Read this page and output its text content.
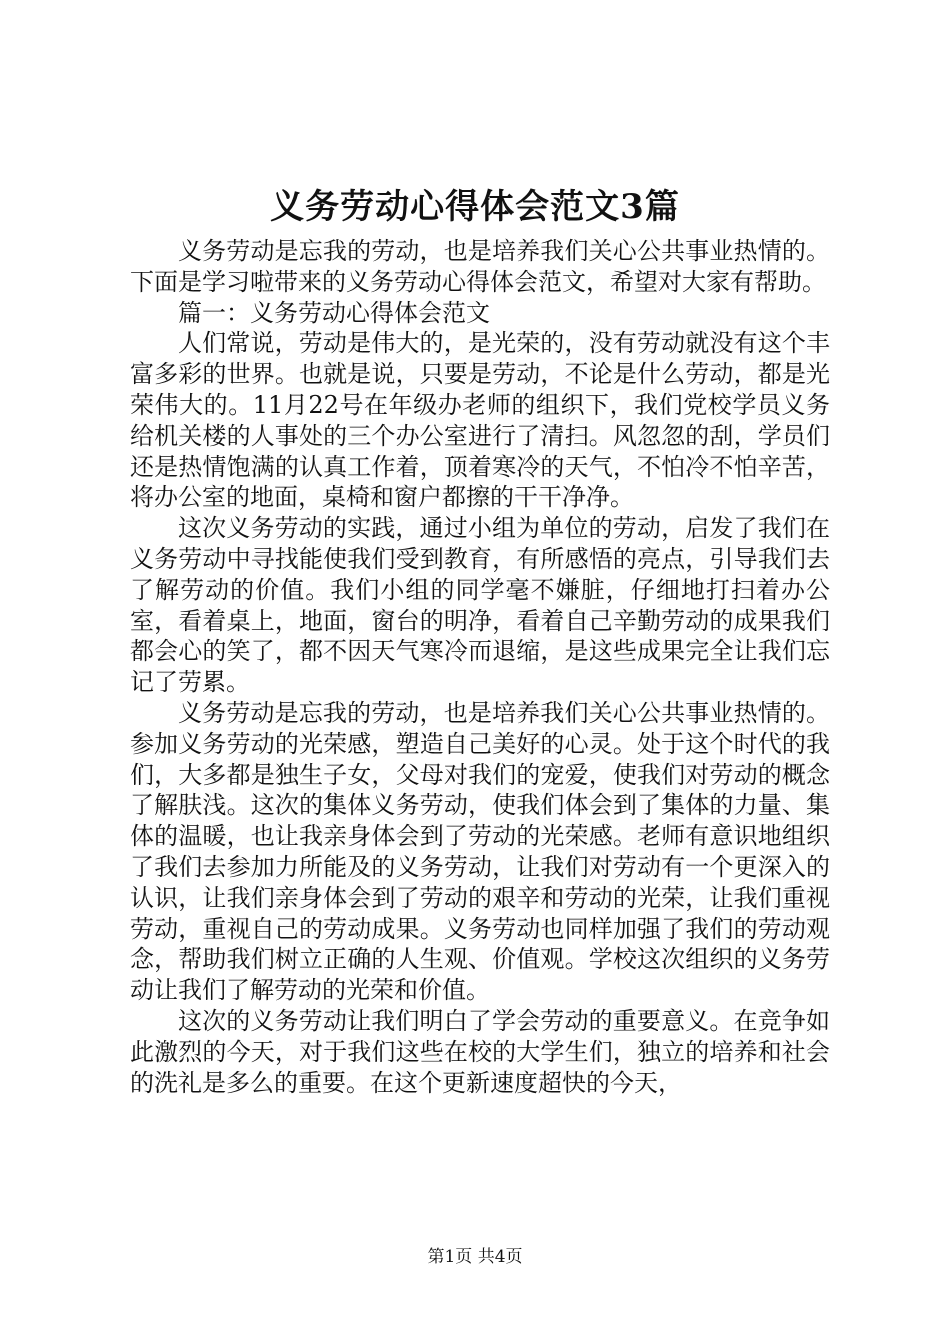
义务劳动心得体会范文3篇

义务劳动是忘我的劳动，也是培养我们关心公共事业热情的。下面是学习啦带来的义务劳动心得体会范文，希望对大家有帮助。

篇一：义务劳动心得体会范文

人们常说，劳动是伟大的，是光荣的，没有劳动就没有这个丰富多彩的世界。也就是说，只要是劳动，不论是什么劳动，都是光荣伟大的。11月22号在年级办老师的组织下，我们党校学员义务给机关楼的人事处的三个办公室进行了清扫。风忽忽的刮，学员们还是热情饱满的认真工作着，顶着寒冷的天气，不怕冷不怕辛苦，将办公室的地面，桌椅和窗户都擦的干干净净。

这次义务劳动的实践，通过小组为单位的劳动，启发了我们在义务劳动中寻找能使我们受到教育，有所感悟的亮点，引导我们去了解劳动的价值。我们小组的同学毫不嫌脏，仔细地打扫着办公室，看着桌上，地面，窗台的明净，看着自己辛勤劳动的成果我们都会心的笑了，都不因天气寒冷而退缩，是这些成果完全让我们忘记了劳累。

义务劳动是忘我的劳动，也是培养我们关心公共事业热情的。参加义务劳动的光荣感，塑造自己美好的心灵。处于这个时代的我们，大多都是独生子女，父母对我们的宠爱，使我们对劳动的概念了解肤浅。这次的集体义务劳动，使我们体会到了集体的力量、集体的温暖，也让我亲身体会到了劳动的光荣感。老师有意识地组织了我们去参加力所能及的义务劳动，让我们对劳动有一个更深入的认识，让我们亲身体会到了劳动的艰辛和劳动的光荣，让我们重视劳动，重视自己的劳动成果。义务劳动也同样加强了我们的劳动观念，帮助我们树立正确的人生观、价值观。学校这次组织的义务劳动让我们了解劳动的光荣和价值。

这次的义务劳动让我们明白了学会劳动的重要意义。在竞争如此激烈的今天，对于我们这些在校的大学生们，独立的培养和社会的洗礼是多么的重要。在这个更新速度超快的今天，

第1页 共4页
